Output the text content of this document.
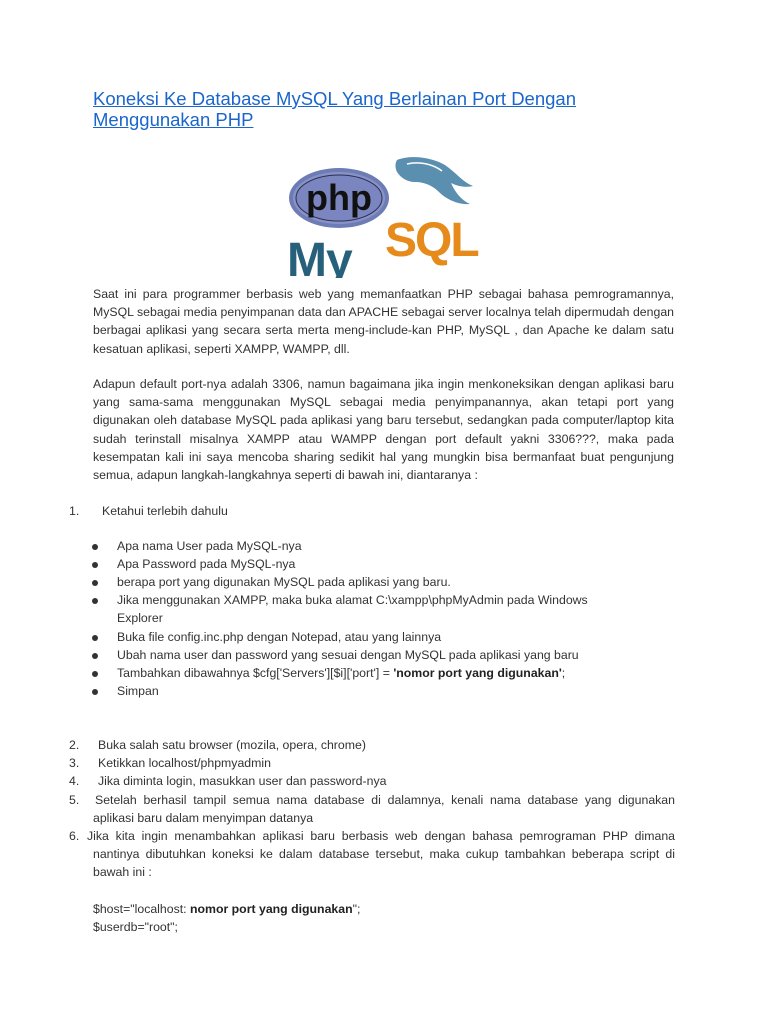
Koneksi Ke Database MySQL Yang Berlainan Port Dengan Menggunakan PHP
php
My SQL
Saat ini para programmer berbasis web yang memanfaatkan PHP sebagai bahasa pemrogramannya, MySQL sebagai media penyimpanan data dan APACHE sebagai server localnya telah dipermudah dengan berbagai aplikasi yang secara serta merta meng-include-kan PHP, MySQL , dan Apache ke dalam satu kesatuan aplikasi, seperti XAMPP, WAMPP, dll.
Adapun default port-nya adalah 3306, namun bagaimana jika ingin menkoneksikan dengan aplikasi baru yang sama-sama menggunakan MySQL sebagai media penyimpanannya, akan tetapi port yang digunakan oleh database MySQL pada aplikasi yang baru tersebut, sedangkan pada computer/laptop kita sudah terinstall misalnya XAMPP atau WAMPP dengan port default yakni 3306???, maka pada kesempatan kali ini saya mencoba sharing sedikit hal yang mungkin bisa bermanfaat buat pengunjung semua, adapun langkah-langkahnya seperti di bawah ini, diantaranya :
1. Ketahui terlebih dahulu
Apa nama User pada MySQL-nya
Apa Password pada MySQL-nya
berapa port yang digunakan MySQL pada aplikasi yang baru.
Jika menggunakan XAMPP, maka buka alamat C:\xampp\phpMyAdmin pada Windows Explorer
Buka file config.inc.php dengan Notepad, atau yang lainnya
Ubah nama user dan password yang sesuai dengan MySQL pada aplikasi yang baru
Tambahkan dibawahnya $cfg['Servers'][$i]['port'] = 'nomor port yang digunakan';
Simpan
2. Buka salah satu browser (mozila, opera, chrome)
3. Ketikkan localhost/phpmyadmin
4. Jika diminta login, masukkan user dan password-nya
5. Setelah berhasil tampil semua nama database di dalamnya, kenali nama database yang digunakan aplikasi baru dalam menyimpan datanya
6. Jika kita ingin menambahkan aplikasi baru berbasis web dengan bahasa pemrograman PHP dimana nantinya dibutuhkan koneksi ke dalam database tersebut, maka cukup tambahkan beberapa script di bawah ini :
$host="localhost: nomor port yang digunakan";
$userdb="root";
